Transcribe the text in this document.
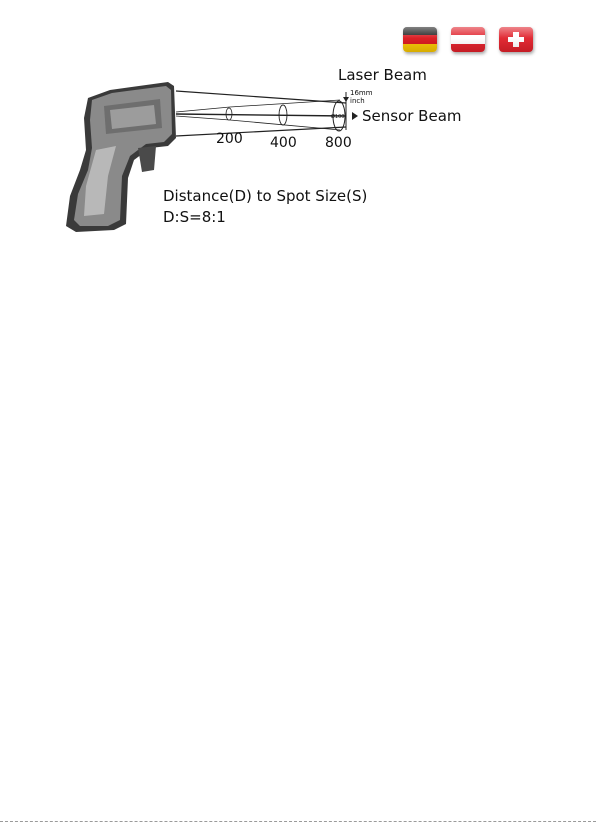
Laser Beam
16mm
inch
Ø100 Sensor Beam
200 400 800
Distance(D) to Spot Size(S)
D:S=8:1
